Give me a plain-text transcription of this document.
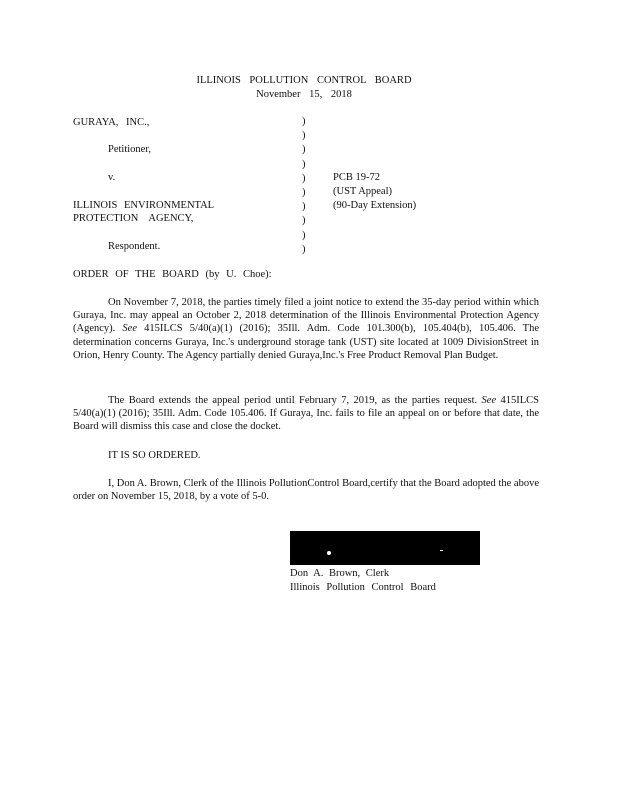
ILLINOIS POLLUTION CONTROL BOARD
November 15, 2018
GURAYA, INC.,
Petitioner,
v.
ILLINOIS ENVIRONMENTAL
PROTECTION AGENCY,
Respondent.
)
)
)
)
)
)
)
)
)
)
PCB 19-72
(UST Appeal)
(90-Day Extension)
ORDER OF THE BOARD (by U. Choe):
On November 7, 2018, the parties timely filed a joint notice to extend the 35-day period within which Guraya, Inc. may appeal an October 2, 2018 determination of the Illinois Environmental Protection Agency (Agency). See 415ILCS 5/40(a)(1) (2016); 35Ill. Adm. Code 101.300(b), 105.404(b), 105.406. The determination concerns Guraya, Inc.'s underground storage tank (UST) site located at 1009 DivisionStreet in Orion, Henry County. The Agency partially denied Guraya,Inc.'s Free Product Removal Plan Budget.
The Board extends the appeal period until February 7, 2019, as the parties request. See 415ILCS 5/40(a)(1) (2016); 35Ill. Adm. Code 105.406. If Guraya, Inc. fails to file an appeal on or before that date, the Board will dismiss this case and close the docket.
IT IS SO ORDERED.
I, Don A. Brown, Clerk of the Illinois PollutionControl Board,certify that the Board adopted the above order on November 15, 2018, by a vote of 5-0.
Don A. Brown, Clerk
Illinois Pollution Control Board
